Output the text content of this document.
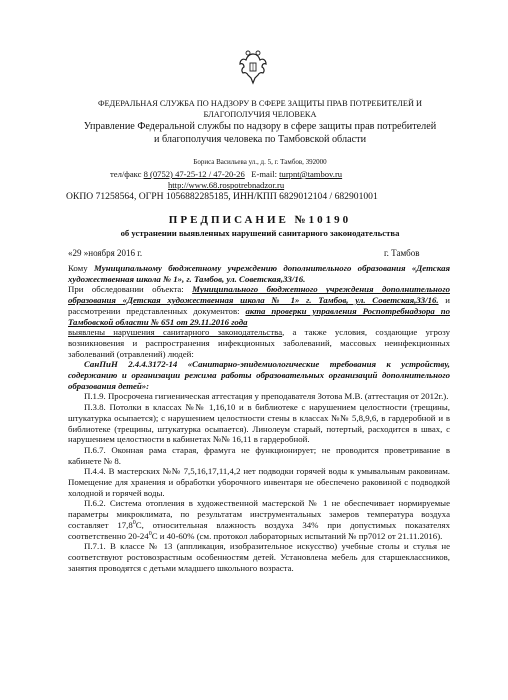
ФЕДЕРАЛЬНАЯ СЛУЖБА ПО НАДЗОРУ В СФЕРЕ ЗАЩИТЫ ПРАВ ПОТРЕБИТЕЛЕЙ И БЛАГОПОЛУЧИЯ ЧЕЛОВЕКА
Управление Федеральной службы по надзору в сфере защиты прав потребителей и благополучия человека по Тамбовской области
Бориса Васильева ул., д. 5, г. Тамбов, 392000
тел/факс 8 (0752) 47-25-12 / 47-20-26 E-mail: turpnt@tambov.ru
http://www.68.rospotrebnadzor.ru
ОКПО 71258564, ОГРН 1056882285185, ИНН/КПП 6829012104 / 682901001
ПРЕДПИСАНИЕ №10190
об устранении выявленных нарушений санитарного законодательства
«29 »ноября 2016 г.	г. Тамбов

Кому Муниципальному бюджетному учреждению дополнительного образования «Детская художественная школа № 1», г. Тамбов, ул. Советская,33/16.

При обследовании объекта: Муниципального бюджетного учреждения дополнительного образования «Детская художественная школа № 1» г. Тамбов, ул. Советская,33/16. и рассмотрении представленных документов: акта проверки управления Роспотребнадзора по Тамбовской области № 651 от 29.11.2016 года

выявлены нарушения санитарного законодательства, а также условия, создающие угрозу возникновения и распространения инфекционных заболеваний, массовых неинфекционных заболеваний (отравлений) людей:

СанПиН 2.4.4.3172-14 «Санитарно-эпидемиологические требования к устройству, содержанию и организации режима работы образовательных организаций дополнительного образования детей»:

П.1.9. Просрочена гигиеническая аттестация у преподавателя Зотова М.В. (аттестация от 2012г.).

П.3.8. Потолки в классах №№ 1,16,10 и в библиотеке с нарушением целостности (трещины, штукатурка осыпается); с нарушением целостности стены в классах №№ 5,8,9,6, в гардеробной и в библиотеке (трещины, штукатурка осыпается). Линолеум старый, потертый, расходится в швах, с нарушением целостности в кабинетах №№ 16,11 в гардеробной.

П.6.7. Оконная рама старая, фрамуга не функционирует; не проводится проветривание в кабинете № 8.

П.4.4. В мастерских №№ 7,5,16,17,11,4,2 нет подводки горячей воды к умывальным раковинам. Помещение для хранения и обработки уборочного инвентаря не обеспечено раковиной с подводкой холодной и горячей воды.

П.6.2. Система отопления в художественной мастерской № 1 не обеспечивает нормируемые параметры микроклимата, по результатам инструментальных замеров температура воздуха составляет 17,8$^0$С, относительная влажность воздуха 34% при допустимых показателях соответственно $20-24^0С$ и 40-60% (см. протокол лабораторных испытаний № пр7012 от 21.11.2016).

П.7.1. В классе № 13 (аппликация, изобразительное искусство) учебные столы и стулья не соответствуют ростовозрастным особенностям детей. Установлена мебель для старшеклассников, занятия проводятся с детьми младшего школьного возраста.
